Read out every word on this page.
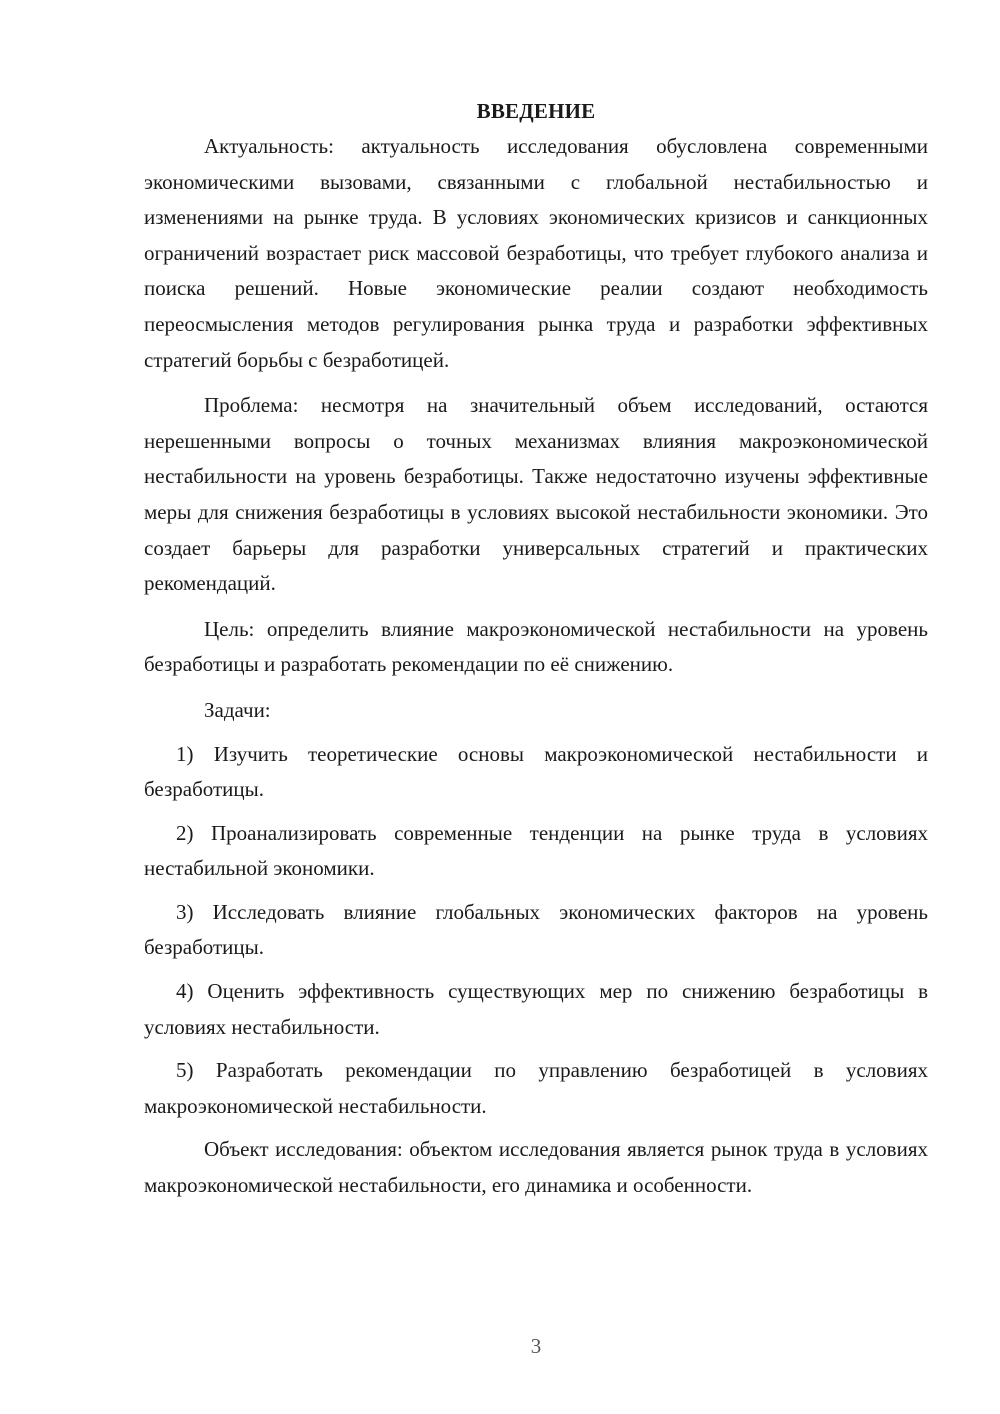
ВВЕДЕНИЕ

Актуальность: актуальность исследования обусловлена современными экономическими вызовами, связанными с глобальной нестабильностью и изменениями на рынке труда. В условиях экономических кризисов и санкционных ограничений возрастает риск массовой безработицы, что требует глубокого анализа и поиска решений. Новые экономические реалии создают необходимость переосмысления методов регулирования рынка труда и разработки эффективных стратегий борьбы с безработицей.

Проблема: несмотря на значительный объем исследований, остаются нерешенными вопросы о точных механизмах влияния макроэкономической нестабильности на уровень безработицы. Также недостаточно изучены эффективные меры для снижения безработицы в условиях высокой нестабильности экономики. Это создает барьеры для разработки универсальных стратегий и практических рекомендаций.

Цель: определить влияние макроэкономической нестабильности на уровень безработицы и разработать рекомендации по её снижению.

Задачи:

1) Изучить теоретические основы макроэкономической нестабильности и безработицы.

2) Проанализировать современные тенденции на рынке труда в условиях нестабильной экономики.

3) Исследовать влияние глобальных экономических факторов на уровень безработицы.

4) Оценить эффективность существующих мер по снижению безработицы в условиях нестабильности.

5) Разработать рекомендации по управлению безработицей в условиях макроэкономической нестабильности.

Объект исследования: объектом исследования является рынок труда в условиях макроэкономической нестабильности, его динамика и особенности.

3
